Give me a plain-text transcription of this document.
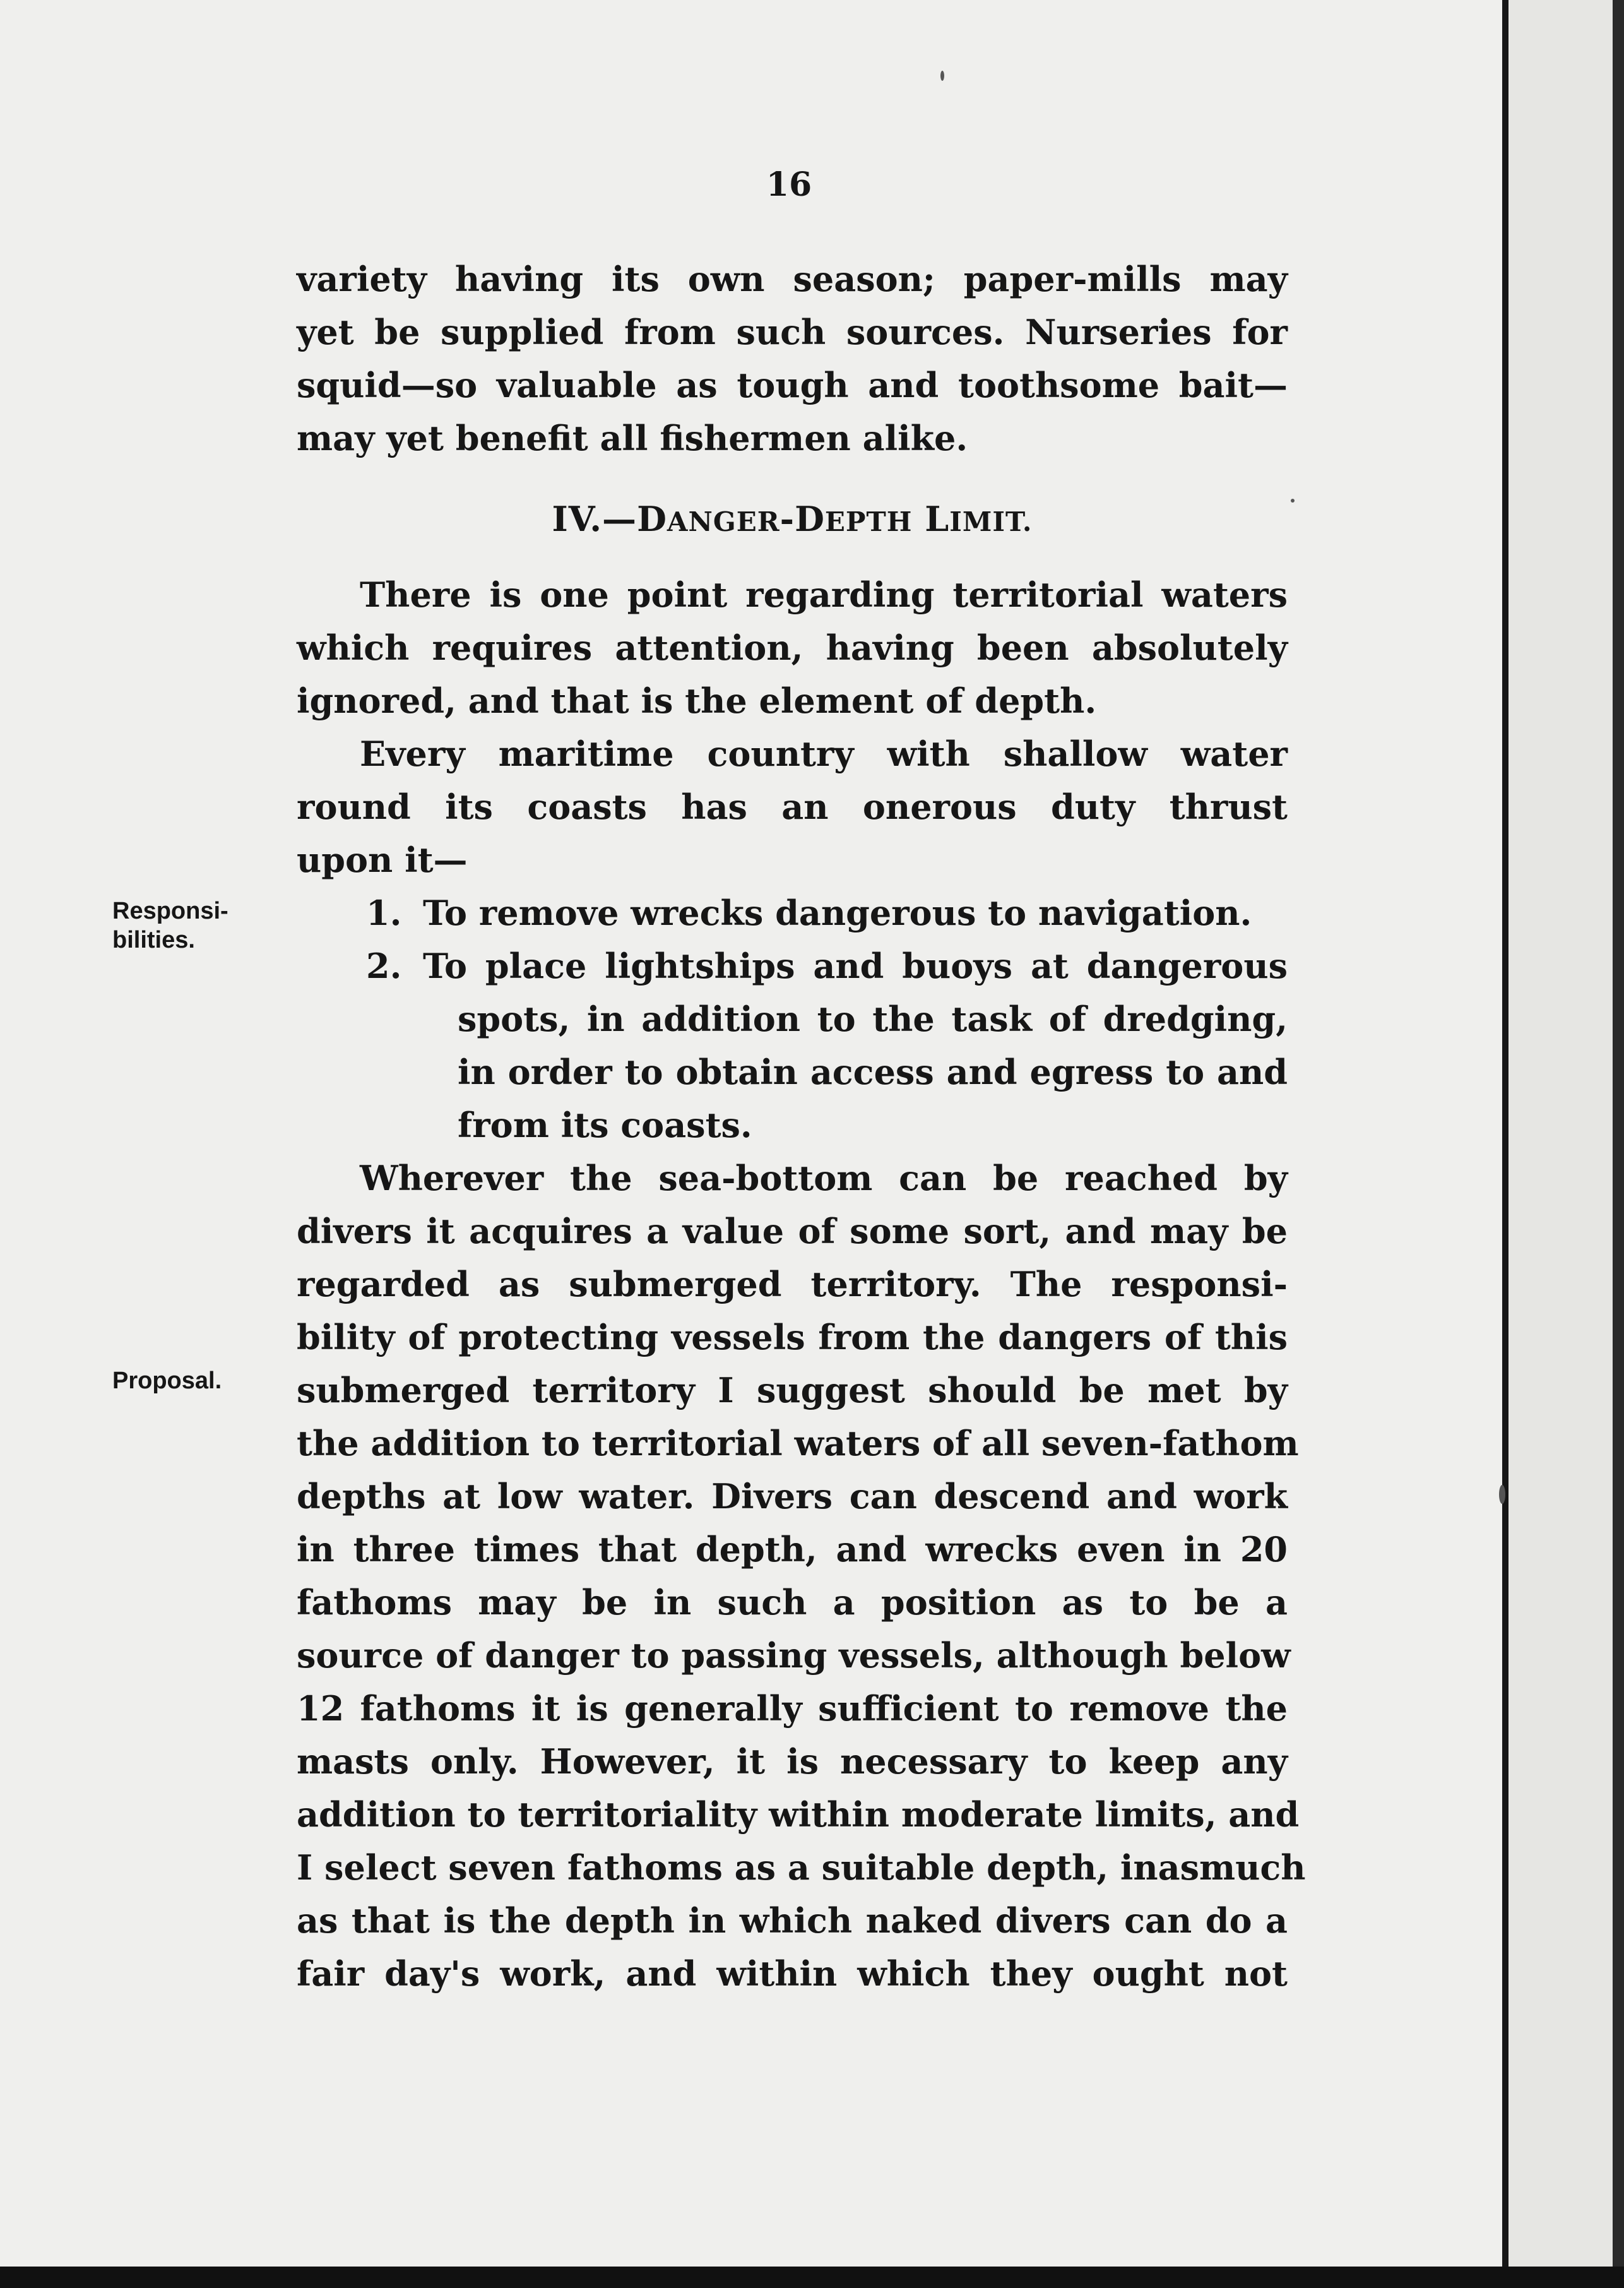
16
variety having its own season; paper-mills may
yet be supplied from such sources. Nurseries for
squid—so valuable as tough and toothsome bait—
may yet benefit all fishermen alike.
IV.—DANGER-DEPTH LIMIT.
There is one point regarding territorial waters
which requires attention, having been absolutely
ignored, and that is the element of depth.
Every maritime country with shallow water
round its coasts has an onerous duty thrust
upon it—
1. To remove wrecks dangerous to navigation.
2. To place lightships and buoys at dangerous
spots, in addition to the task of dredging,
in order to obtain access and egress to and
from its coasts.
Wherever the sea-bottom can be reached by
divers it acquires a value of some sort, and may be
regarded as submerged territory. The responsi-
bility of protecting vessels from the dangers of this
submerged territory I suggest should be met by
the addition to territorial waters of all seven-fathom
depths at low water. Divers can descend and work
in three times that depth, and wrecks even in 20
fathoms may be in such a position as to be a
source of danger to passing vessels, although below
12 fathoms it is generally sufficient to remove the
masts only. However, it is necessary to keep any
addition to territoriality within moderate limits, and
I select seven fathoms as a suitable depth, inasmuch
as that is the depth in which naked divers can do a
fair day's work, and within which they ought not
Responsi-
bilities.
Proposal.
